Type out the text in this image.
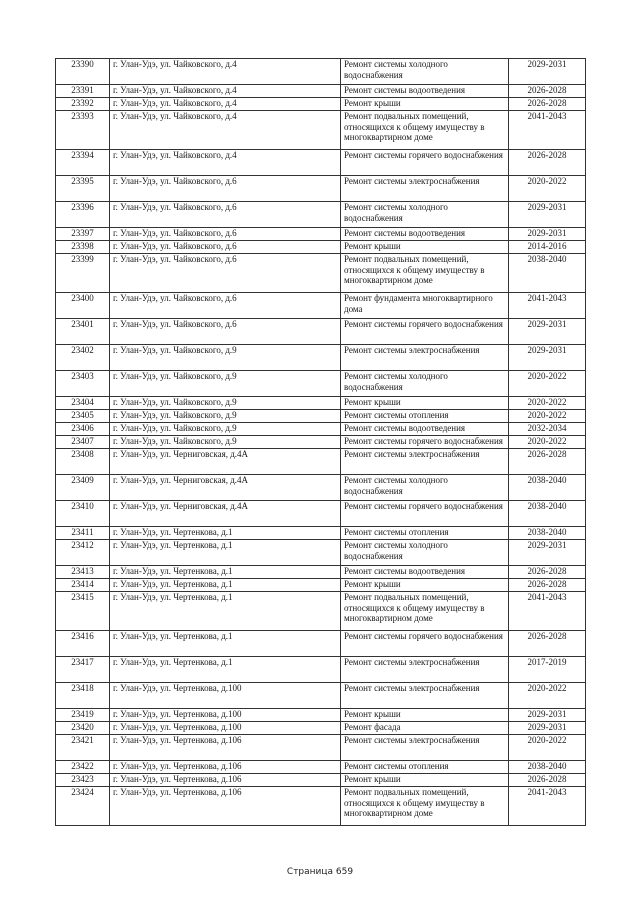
23390	г. Улан-Удэ, ул. Чайковского, д.4	Ремонт системы холодного водоснабжения	2029-2031
23391	г. Улан-Удэ, ул. Чайковского, д.4	Ремонт системы водоотведения	2026-2028
23392	г. Улан-Удэ, ул. Чайковского, д.4	Ремонт крыши	2026-2028
23393	г. Улан-Удэ, ул. Чайковского, д.4	Ремонт подвальных помещений, относящихся к общему имуществу в многоквартирном доме	2041-2043
23394	г. Улан-Удэ, ул. Чайковского, д.4	Ремонт системы горячего водоснабжения	2026-2028
23395	г. Улан-Удэ, ул. Чайковского, д.6	Ремонт системы электроснабжения	2020-2022
23396	г. Улан-Удэ, ул. Чайковского, д.6	Ремонт системы холодного водоснабжения	2029-2031
23397	г. Улан-Удэ, ул. Чайковского, д.6	Ремонт системы водоотведения	2029-2031
23398	г. Улан-Удэ, ул. Чайковского, д.6	Ремонт крыши	2014-2016
23399	г. Улан-Удэ, ул. Чайковского, д.6	Ремонт подвальных помещений, относящихся к общему имуществу в многоквартирном доме	2038-2040
23400	г. Улан-Удэ, ул. Чайковского, д.6	Ремонт фундамента многоквартирного дома	2041-2043
23401	г. Улан-Удэ, ул. Чайковского, д.6	Ремонт системы горячего водоснабжения	2029-2031
23402	г. Улан-Удэ, ул. Чайковского, д.9	Ремонт системы электроснабжения	2029-2031
23403	г. Улан-Удэ, ул. Чайковского, д.9	Ремонт системы холодного водоснабжения	2020-2022
23404	г. Улан-Удэ, ул. Чайковского, д.9	Ремонт крыши	2020-2022
23405	г. Улан-Удэ, ул. Чайковского, д.9	Ремонт системы отопления	2020-2022
23406	г. Улан-Удэ, ул. Чайковского, д.9	Ремонт системы водоотведения	2032-2034
23407	г. Улан-Удэ, ул. Чайковского, д.9	Ремонт системы горячего водоснабжения	2020-2022
23408	г. Улан-Удэ, ул. Черниговская, д.4А	Ремонт системы электроснабжения	2026-2028
23409	г. Улан-Удэ, ул. Черниговская, д.4А	Ремонт системы холодного водоснабжения	2038-2040
23410	г. Улан-Удэ, ул. Черниговская, д.4А	Ремонт системы горячего водоснабжения	2038-2040
23411	г. Улан-Удэ, ул. Чертенкова, д.1	Ремонт системы отопления	2038-2040
23412	г. Улан-Удэ, ул. Чертенкова, д.1	Ремонт системы холодного водоснабжения	2029-2031
23413	г. Улан-Удэ, ул. Чертенкова, д.1	Ремонт системы водоотведения	2026-2028
23414	г. Улан-Удэ, ул. Чертенкова, д.1	Ремонт крыши	2026-2028
23415	г. Улан-Удэ, ул. Чертенкова, д.1	Ремонт подвальных помещений, относящихся к общему имуществу в многоквартирном доме	2041-2043
23416	г. Улан-Удэ, ул. Чертенкова, д.1	Ремонт системы горячего водоснабжения	2026-2028
23417	г. Улан-Удэ, ул. Чертенкова, д.1	Ремонт системы электроснабжения	2017-2019
23418	г. Улан-Удэ, ул. Чертенкова, д.100	Ремонт системы электроснабжения	2020-2022
23419	г. Улан-Удэ, ул. Чертенкова, д.100	Ремонт крыши	2029-2031
23420	г. Улан-Удэ, ул. Чертенкова, д.100	Ремонт фасада	2029-2031
23421	г. Улан-Удэ, ул. Чертенкова, д.106	Ремонт системы электроснабжения	2020-2022
23422	г. Улан-Удэ, ул. Чертенкова, д.106	Ремонт системы отопления	2038-2040
23423	г. Улан-Удэ, ул. Чертенкова, д.106	Ремонт крыши	2026-2028
23424	г. Улан-Удэ, ул. Чертенкова, д.106	Ремонт подвальных помещений, относящихся к общему имуществу в многоквартирном доме	2041-2043
Страница 659
